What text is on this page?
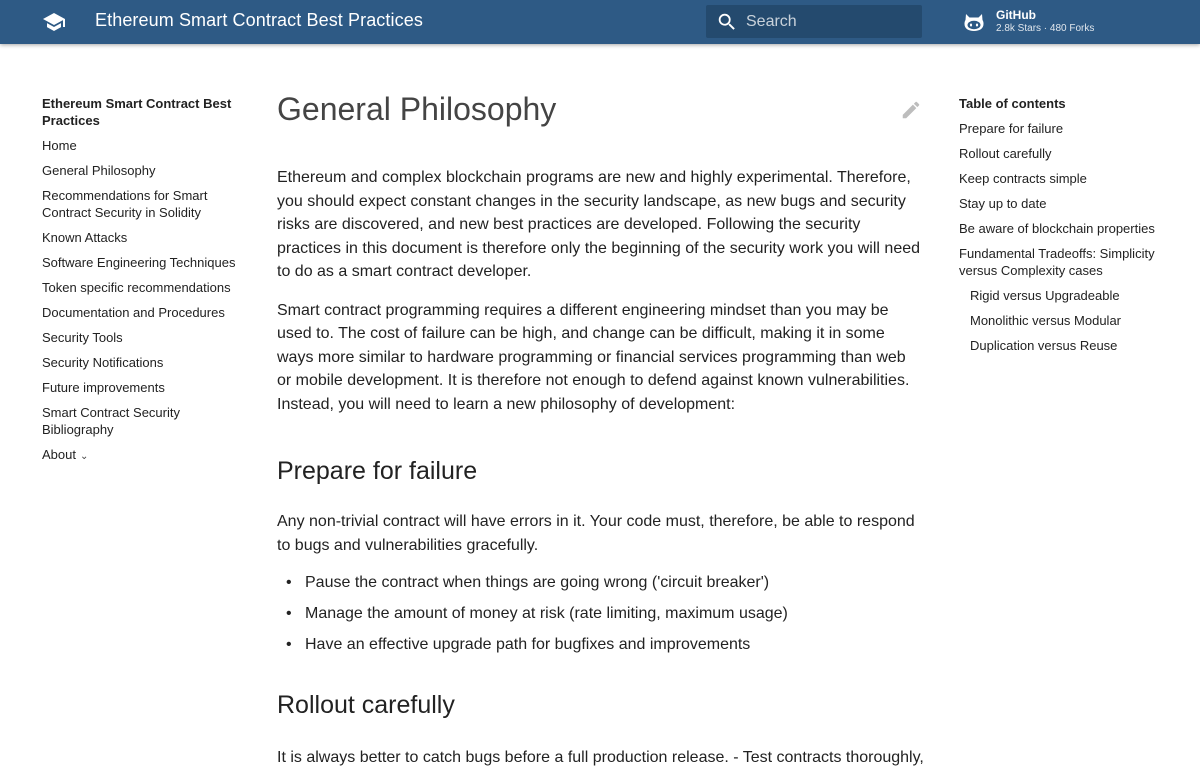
Ethereum Smart Contract Best Practices
Search	GitHub
2.8k Stars · 480 Forks
Ethereum Smart Contract Best Practices
Home
General Philosophy
Recommendations for Smart Contract Security in Solidity
Known Attacks
Software Engineering Techniques
Token specific recommendations
Documentation and Procedures
Security Tools
Security Notifications
Future improvements
Smart Contract Security Bibliography
About ⌄
General Philosophy

Ethereum and complex blockchain programs are new and highly experimental. Therefore, you should expect constant changes in the security landscape, as new bugs and security risks are discovered, and new best practices are developed. Following the security practices in this document is therefore only the beginning of the security work you will need to do as a smart contract developer.

Smart contract programming requires a different engineering mindset than you may be used to. The cost of failure can be high, and change can be difficult, making it in some ways more similar to hardware programming or financial services programming than web or mobile development. It is therefore not enough to defend against known vulnerabilities. Instead, you will need to learn a new philosophy of development:

Prepare for failure

Any non-trivial contract will have errors in it. Your code must, therefore, be able to respond to bugs and vulnerabilities gracefully.

• Pause the contract when things are going wrong ('circuit breaker')
• Manage the amount of money at risk (rate limiting, maximum usage)
• Have an effective upgrade path for bugfixes and improvements
Rollout carefully

It is always better to catch bugs before a full production release. - Test contracts thoroughly,

Table of contents
Prepare for failure
Rollout carefully
Keep contracts simple
Stay up to date
Be aware of blockchain properties
Fundamental Tradeoffs: Simplicity versus Complexity cases
Rigid versus Upgradeable
Monolithic versus Modular
Duplication versus Reuse
